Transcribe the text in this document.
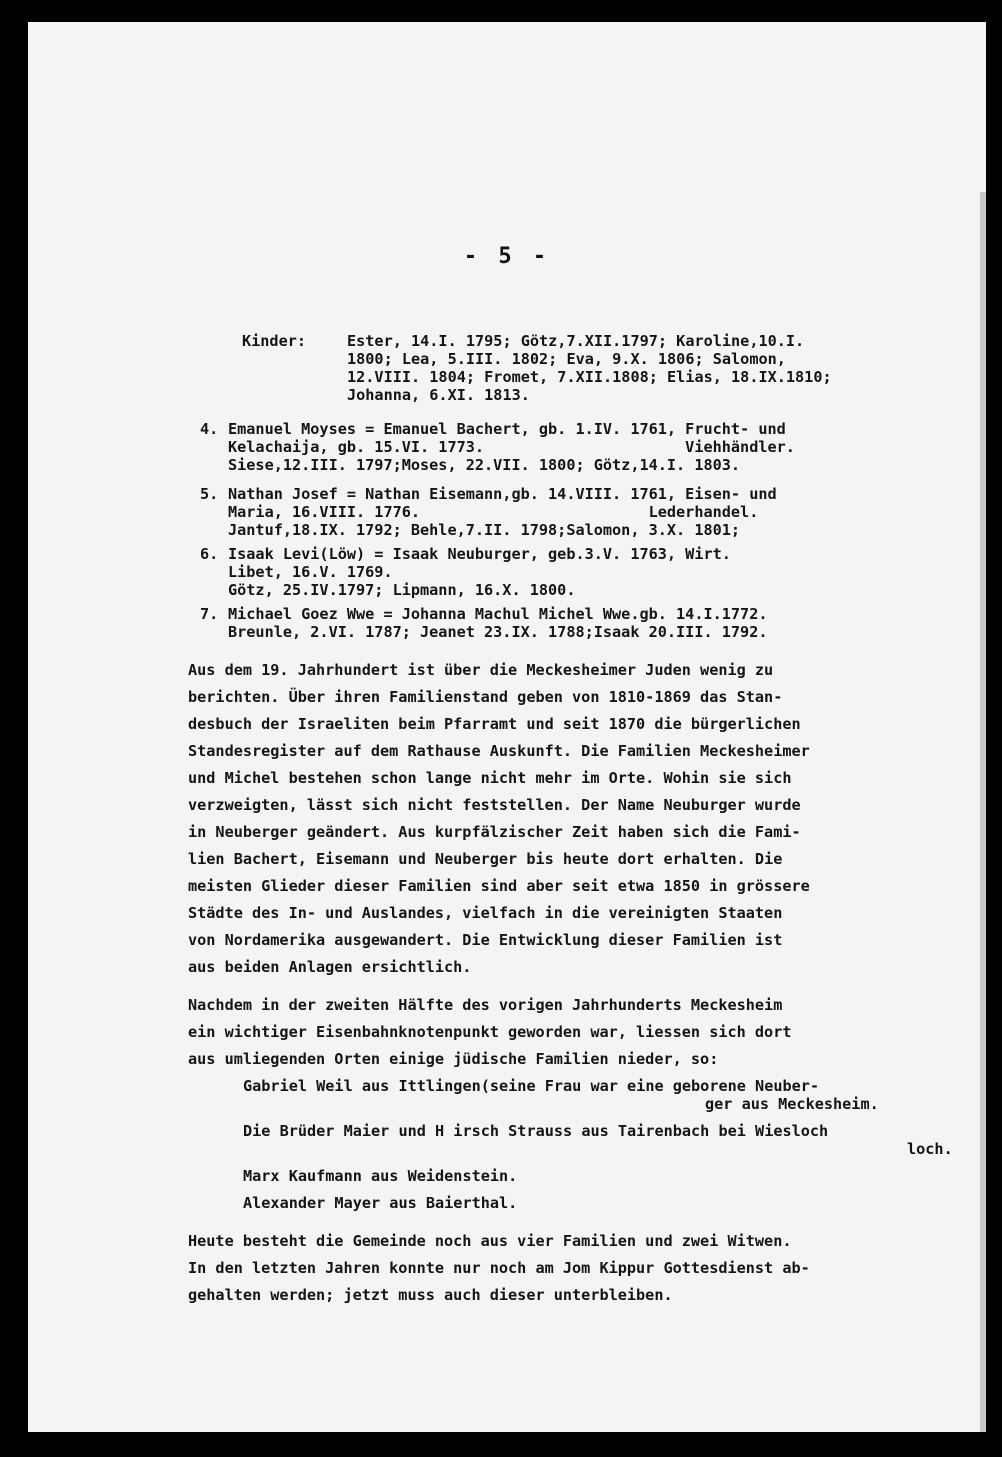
- 5 -
Kinder:	Ester, 14.I. 1795; Götz,7.XII.1797; Karoline,10.I.
1800; Lea, 5.III. 1802; Eva, 9.X. 1806; Salomon,
12.VIII. 1804; Fromet, 7.XII.1808; Elias, 18.IX.1810;
Johanna, 6.XI. 1813.
4. Emanuel Moyses = Emanuel Bachert, gb. 1.IV. 1761, Frucht- und
Kelachaija, gb. 15.VI. 1773.                      Viehhändler.
Siese,12.III. 1797;Moses, 22.VII. 1800; Götz,14.I. 1803.
5. Nathan Josef = Nathan Eisemann,gb. 14.VIII. 1761, Eisen- und
Maria, 16.VIII. 1776.                         Lederhandel.
Jantuf,18.IX. 1792; Behle,7.II. 1798;Salomon, 3.X. 1801;
6. Isaak Levi(Löw) = Isaak Neuburger, geb.3.V. 1763, Wirt.
Libet, 16.V. 1769.
Götz, 25.IV.1797; Lipmann, 16.X. 1800.
7. Michael Goez Wwe = Johanna Machul Michel Wwe.gb. 14.I.1772.
Breunle, 2.VI. 1787; Jeanet 23.IX. 1788;Isaak 20.III. 1792.
Aus dem 19. Jahrhundert ist über die Meckesheimer Juden wenig zu
berichten. Über ihren Familienstand geben von 1810-1869 das Stan-
desbuch der Israeliten beim Pfarramt und seit 1870 die bürgerlichen
Standesregister auf dem Rathause Auskunft. Die Familien Meckesheimer
und Michel bestehen schon lange nicht mehr im Orte. Wohin sie sich
verzweigten, lässt sich nicht feststellen. Der Name Neuburger wurde
in Neuberger geändert. Aus kurpfälzischer Zeit haben sich die Fami-
lien Bachert, Eisemann und Neuberger bis heute dort erhalten. Die
meisten Glieder dieser Familien sind aber seit etwa 1850 in grössere
Städte des In- und Auslandes, vielfach in die vereinigten Staaten
von Nordamerika ausgewandert. Die Entwicklung dieser Familien ist
aus beiden Anlagen ersichtlich.
Nachdem in der zweiten Hälfte des vorigen Jahrhunderts Meckesheim
ein wichtiger Eisenbahnknotenpunkt geworden war, liessen sich dort
aus umliegenden Orten einige jüdische Familien nieder, so:
Gabriel Weil aus Ittlingen(seine Frau war eine geborene Neuber-
ger aus Meckesheim.
Die Brüder Maier und H irsch Strauss aus Tairenbach bei Wiesloch
loch.
Marx Kaufmann aus Weidenstein.
Alexander Mayer aus Baierthal.
Heute besteht die Gemeinde noch aus vier Familien und zwei Witwen.
In den letzten Jahren konnte nur noch am Jom Kippur Gottesdienst ab-
gehalten werden; jetzt muss auch dieser unterbleiben.
